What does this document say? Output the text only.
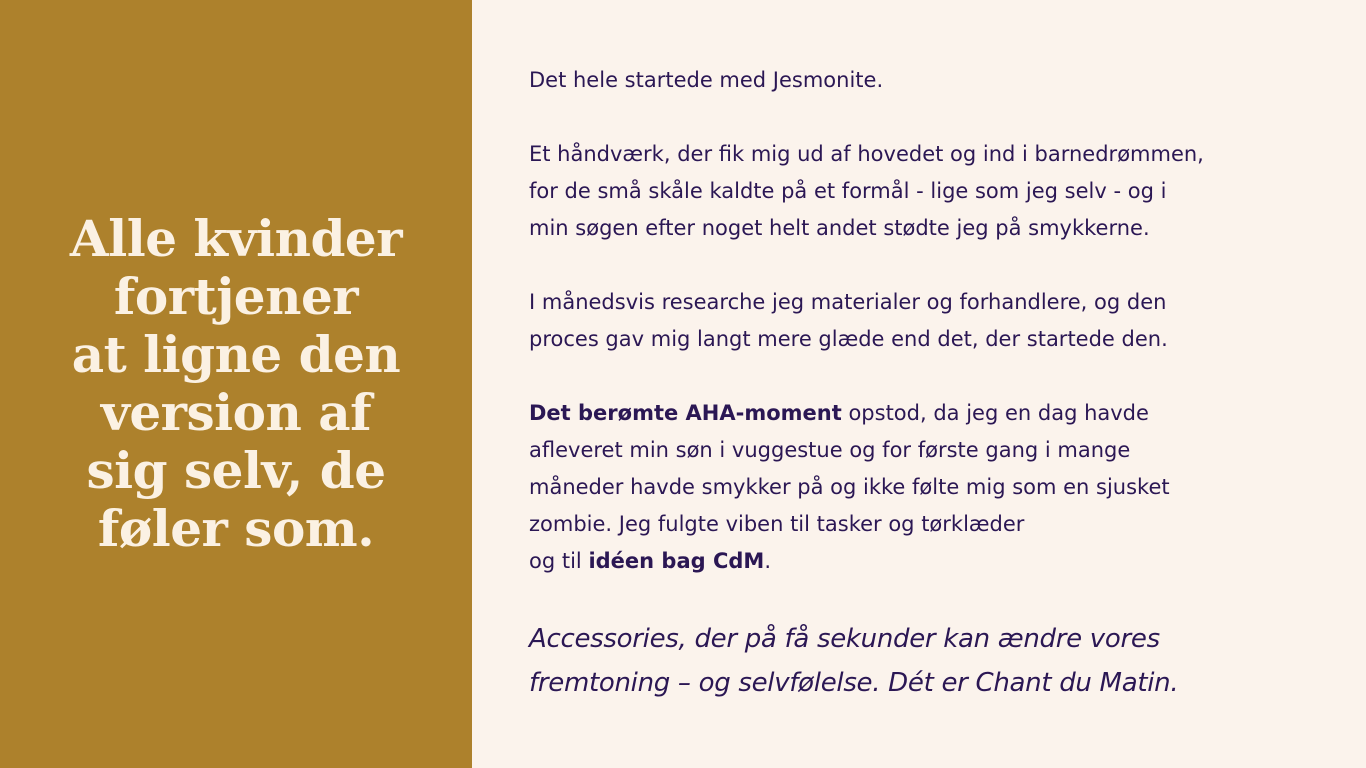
Alle kvinder
fortjener
at ligne den
version af
sig selv, de
føler som.

Det hele startede med Jesmonite.

Et håndværk, der fik mig ud af hovedet og ind i barnedrømmen,
for de små skåle kaldte på et formål - lige som jeg selv - og i
min søgen efter noget helt andet stødte jeg på smykkerne.

I månedsvis researche jeg materialer og forhandlere, og den
proces gav mig langt mere glæde end det, der startede den.

Det berømte AHA-moment opstod, da jeg en dag havde
afleveret min søn i vuggestue og for første gang i mange
måneder havde smykker på og ikke følte mig som en sjusket
zombie. Jeg fulgte viben til tasker og tørklæder
og til idéen bag CdM.

Accessories, der på få sekunder kan ændre vores
fremtoning – og selvfølelse. Dét er Chant du Matin.
